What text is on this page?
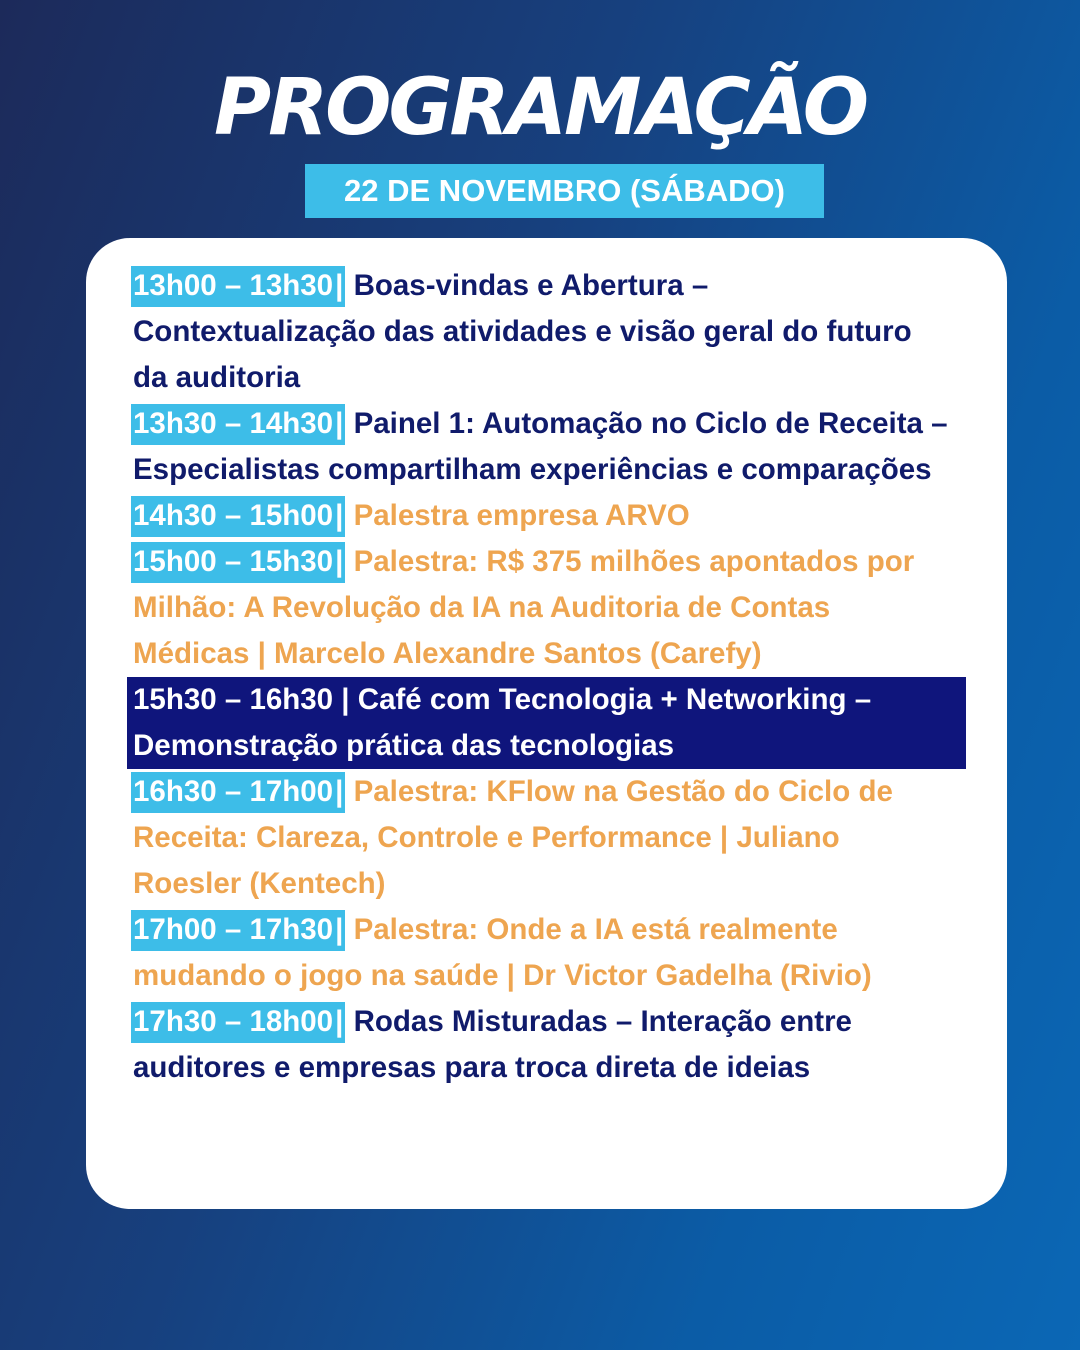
PROGRAMAÇÃO
22 DE NOVEMBRO (SÁBADO)
13h00 – 13h30| Boas-vindas e Abertura – Contextualização das atividades e visão geral do futuro da auditoria
13h30 – 14h30| Painel 1: Automação no Ciclo de Receita – Especialistas compartilham experiências e comparações
14h30 – 15h00| Palestra empresa ARVO
15h00 – 15h30| Palestra: R$ 375 milhões apontados por Milhão: A Revolução da IA na Auditoria de Contas Médicas | Marcelo Alexandre Santos (Carefy)
15h30 – 16h30 | Café com Tecnologia + Networking – Demonstração prática das tecnologias
16h30 – 17h00| Palestra: KFlow na Gestão do Ciclo de Receita: Clareza, Controle e Performance | Juliano Roesler (Kentech)
17h00 – 17h30| Palestra: Onde a IA está realmente mudando o jogo na saúde | Dr Victor Gadelha (Rivio)
17h30 – 18h00| Rodas Misturadas – Interação entre auditores e empresas para troca direta de ideias
